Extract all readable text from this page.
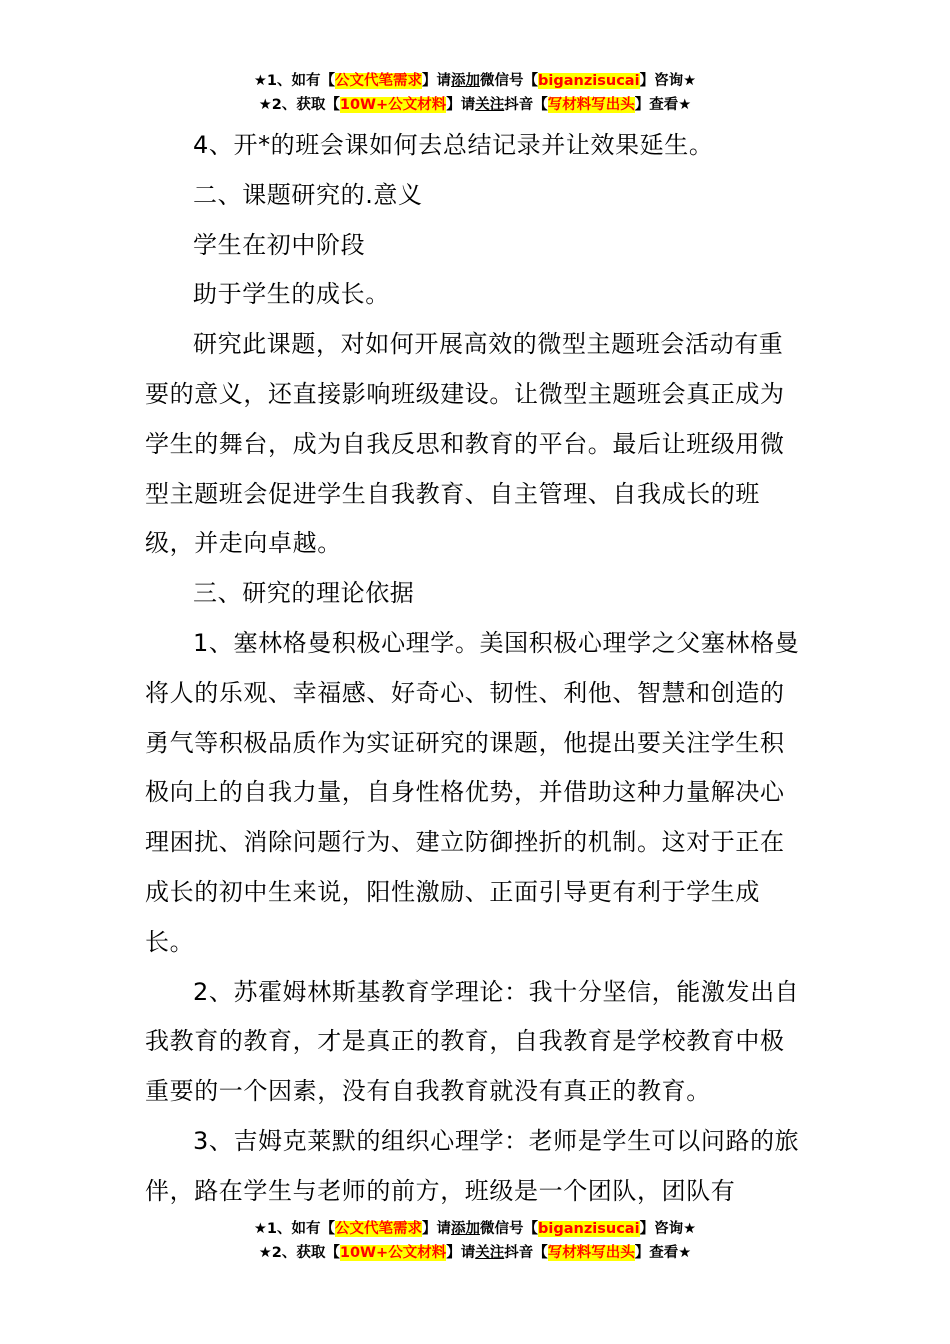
★1、如有【公文代笔需求】请添加微信号【biganzisucai】咨询★
★2、获取【10W+公文材料】请关注抖音【写材料写出头】查看★

4、开*的班会课如何去总结记录并让效果延生。

二、课题研究的.意义

学生在初中阶段

助于学生的成长。

研究此课题，对如何开展高效的微型主题班会活动有重要的意义，还直接影响班级建设。让微型主题班会真正成为学生的舞台，成为自我反思和教育的平台。最后让班级用微型主题班会促进学生自我教育、自主管理、自我成长的班级，并走向卓越。

三、研究的理论依据

1、塞林格曼积极心理学。美国积极心理学之父塞林格曼将人的乐观、幸福感、好奇心、韧性、利他、智慧和创造的勇气等积极品质作为实证研究的课题，他提出要关注学生积极向上的自我力量，自身性格优势，并借助这种力量解决心理困扰、消除问题行为、建立防御挫折的机制。这对于正在成长的初中生来说，阳性激励、正面引导更有利于学生成长。

2、苏霍姆林斯基教育学理论：我十分坚信，能激发出自我教育的教育，才是真正的教育，自我教育是学校教育中极重要的一个因素，没有自我教育就没有真正的教育。

3、吉姆克莱默的组织心理学：老师是学生可以问路的旅伴，路在学生与老师的前方，班级是一个团队，团队有

★1、如有【公文代笔需求】请添加微信号【biganzisucai】咨询★
★2、获取【10W+公文材料】请关注抖音【写材料写出头】查看★
